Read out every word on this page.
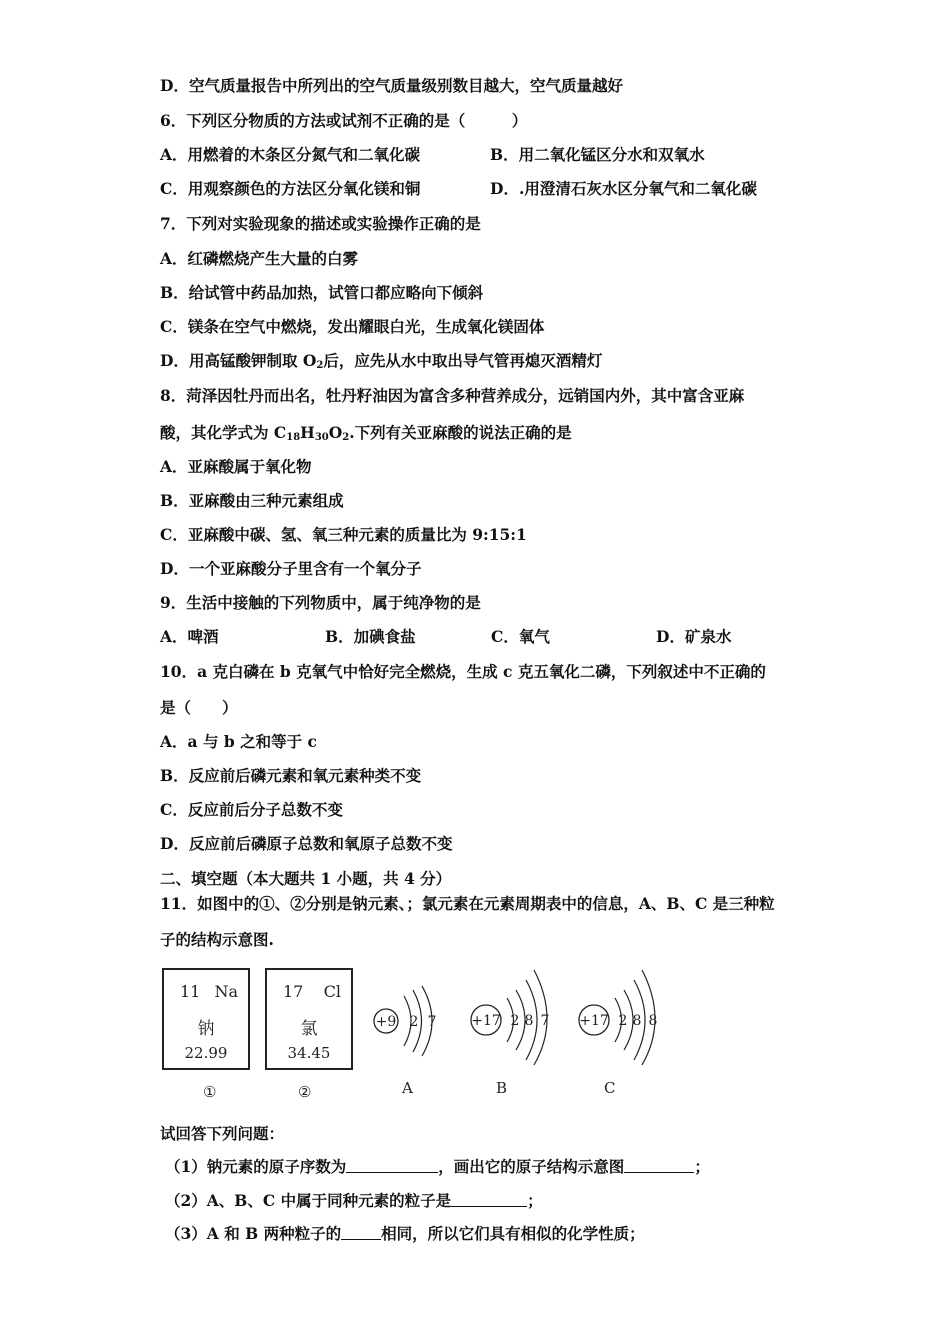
D．空气质量报告中所列出的空气质量级别数目越大，空气质量越好
6．下列区分物质的方法或试剂不正确的是（　　　）
A．用燃着的木条区分氮气和二氧化碳	B．用二氧化锰区分水和双氧水
C．用观察颜色的方法区分氧化镁和铜	D．.用澄清石灰水区分氧气和二氧化碳
7．下列对实验现象的描述或实验操作正确的是
A．红磷燃烧产生大量的白雾
B．给试管中药品加热，试管口都应略向下倾斜
C．镁条在空气中燃烧，发出耀眼白光，生成氧化镁固体
D．用高锰酸钾制取 $O_2$后，应先从水中取出导气管再熄灭酒精灯
8．菏泽因牡丹而出名，牡丹籽油因为富含多种营养成分，远销国内外，其中富含亚麻
酸，其化学式为 $C_{18}H_{30}O_2$.下列有关亚麻酸的说法正确的是
A．亚麻酸属于氧化物
B．亚麻酸由三种元素组成
C．亚麻酸中碳、氢、氧三种元素的质量比为 9:15:1
D．一个亚麻酸分子里含有一个氧分子
9．生活中接触的下列物质中，属于纯净物的是
A．啤酒	B．加碘食盐	C．氧气	D．矿泉水
10．a 克白磷在 b 克氧气中恰好完全燃烧，生成 c 克五氧化二磷，下列叙述中不正确的
是（　　）
A．a 与 b 之和等于 c
B．反应前后磷元素和氧元素种类不变
C．反应前后分子总数不变
D．反应前后磷原子总数和氧原子总数不变
二、填空题（本大题共 1 小题，共 4 分）
11．如图中的①、②分别是钠元素、；氯元素在元素周期表中的信息，A、B、C 是三种粒
子的结构示意图.
11 Na
钠
22.99
①
17 Cl
氯
34.45
②
+9 2 7
A
+17 2 8 7
B
+17 2 8 8
C
试回答下列问题：
（1）钠元素的原子序数为	，画出它的原子结构示意图	；
（2）A、B、C 中属于同种元素的粒子是	；
（3）A 和 B 两种粒子的	相同，所以它们具有相似的化学性质；
